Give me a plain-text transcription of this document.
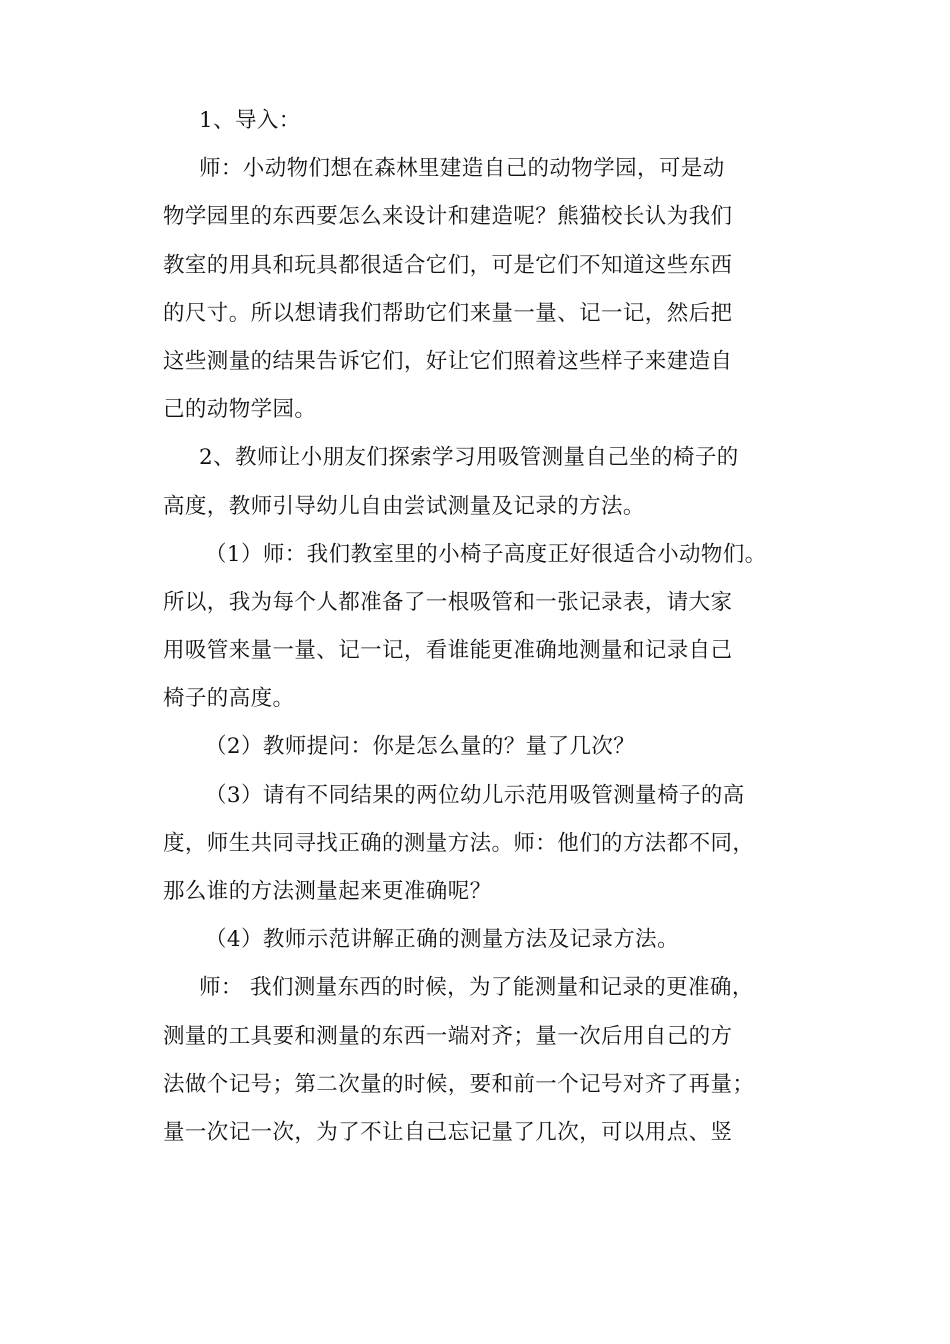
1、导入：
师：小动物们想在森林里建造自己的动物学园，可是动
物学园里的东西要怎么来设计和建造呢？熊猫校长认为我们
教室的用具和玩具都很适合它们，可是它们不知道这些东西
的尺寸。所以想请我们帮助它们来量一量、记一记，然后把
这些测量的结果告诉它们，好让它们照着这些样子来建造自
己的动物学园。
2、教师让小朋友们探索学习用吸管测量自己坐的椅子的
高度，教师引导幼儿自由尝试测量及记录的方法。
（1）师：我们教室里的小椅子高度正好很适合小动物们。
所以，我为每个人都准备了一根吸管和一张记录表，请大家
用吸管来量一量、记一记，看谁能更准确地测量和记录自己
椅子的高度。
（2）教师提问：你是怎么量的？量了几次？
（3）请有不同结果的两位幼儿示范用吸管测量椅子的高
度，师生共同寻找正确的测量方法。师：他们的方法都不同，
那么谁的方法测量起来更准确呢？
（4）教师示范讲解正确的测量方法及记录方法。
师： 我们测量东西的时候，为了能测量和记录的更准确，
测量的工具要和测量的东西一端对齐；量一次后用自己的方
法做个记号；第二次量的时候，要和前一个记号对齐了再量；
量一次记一次，为了不让自己忘记量了几次，可以用点、竖
